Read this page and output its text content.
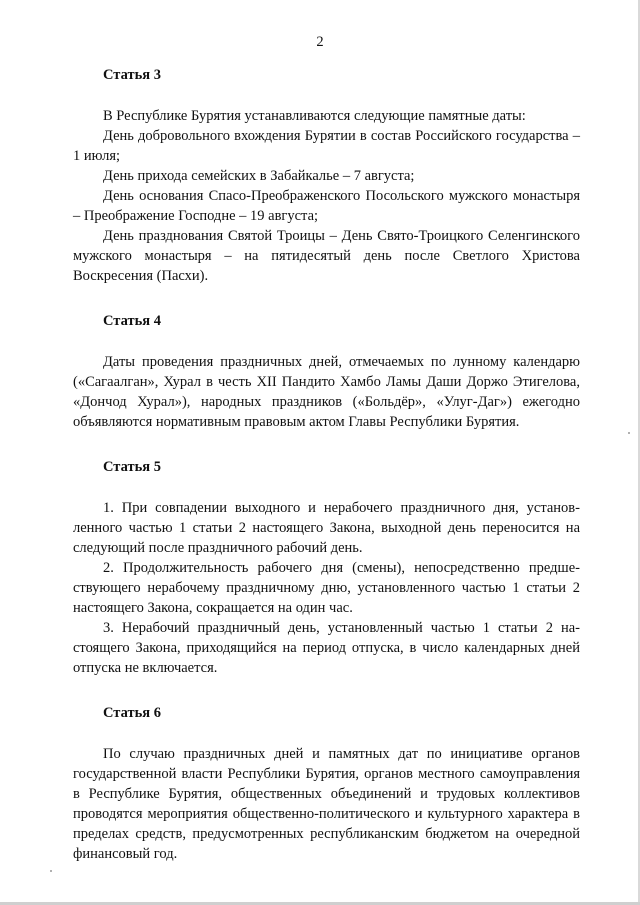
2

Статья 3

В Республике Бурятия устанавливаются следующие памятные даты:

День добровольного вхождения Бурятии в состав Российского государства – 1 июля;

День прихода семейских в Забайкалье – 7 августа;

День основания Спасо-Преображенского Посольского мужского монастыря – Преображение Господне – 19 августа;

День празднования Святой Троицы – День Свято-Троицкого Селенгинского мужского монастыря – на пятидесятый день после Светлого Христова Воскресения (Пасхи).

Статья 4

Даты проведения праздничных дней, отмечаемых по лунному календарю («Сагаалган», Хурал в честь XII Пандито Хамбо Ламы Даши Доржо Этигелова, «Дончод Хурал»), народных праздников («Больдёр», «Улуг-Даг») ежегодно объявляются нормативным правовым актом Главы Республики Бурятия.

Статья 5

1. При совпадении выходного и нерабочего праздничного дня, установленного частью 1 статьи 2 настоящего Закона, выходной день переносится на следующий после праздничного рабочий день.

2. Продолжительность рабочего дня (смены), непосредственно предшествующего нерабочему праздничному дню, установленного частью 1 статьи 2 настоящего Закона, сокращается на один час.

3. Нерабочий праздничный день, установленный частью 1 статьи 2 настоящего Закона, приходящийся на период отпуска, в число календарных дней отпуска не включается.

Статья 6

По случаю праздничных дней и памятных дат по инициативе органов государственной власти Республики Бурятия, органов местного самоуправления в Республике Бурятия, общественных объединений и трудовых коллективов проводятся мероприятия общественно-политического и культурного характера в пределах средств, предусмотренных республиканским бюджетом на очередной финансовый год.
